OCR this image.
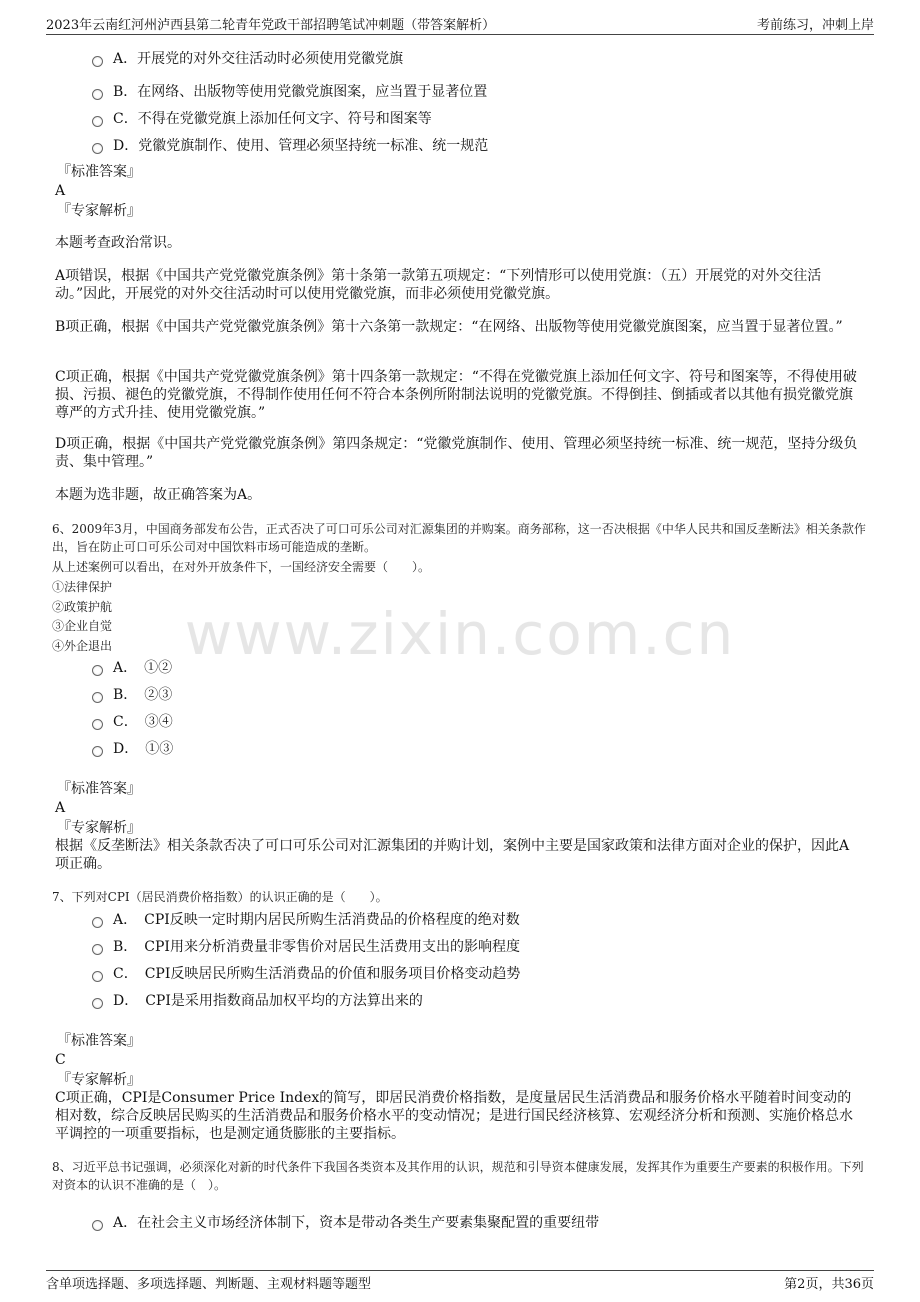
2023年云南红河州泸西县第二轮青年党政干部招聘笔试冲刺题（带答案解析）	考前练习，冲刺上岸
www.zixin.com.cn
A．开展党的对外交往活动时必须使用党徽党旗
B．在网络、出版物等使用党徽党旗图案，应当置于显著位置
C．不得在党徽党旗上添加任何文字、符号和图案等
D．党徽党旗制作、使用、管理必须坚持统一标准、统一规范
『标准答案』
A
『专家解析』
本题考查政治常识。
A项错误，根据《中国共产党党徽党旗条例》第十条第一款第五项规定：“下列情形可以使用党旗：（五）开展党的对外交往活动。”因此，开展党的对外交往活动时可以使用党徽党旗，而非必须使用党徽党旗。
B项正确，根据《中国共产党党徽党旗条例》第十六条第一款规定：“在网络、出版物等使用党徽党旗图案，应当置于显著位置。”
C项正确，根据《中国共产党党徽党旗条例》第十四条第一款规定：“不得在党徽党旗上添加任何文字、符号和图案等，不得使用破损、污损、褪色的党徽党旗，不得制作使用任何不符合本条例所附制法说明的党徽党旗。不得倒挂、倒插或者以其他有损党徽党旗尊严的方式升挂、使用党徽党旗。”
D项正确，根据《中国共产党党徽党旗条例》第四条规定：“党徽党旗制作、使用、管理必须坚持统一标准、统一规范，坚持分级负责、集中管理。”
本题为选非题，故正确答案为A。
6、2009年3月，中国商务部发布公告，正式否决了可口可乐公司对汇源集团的并购案。商务部称，这一否决根据《中华人民共和国反垄断法》相关条款作出，旨在防止可口可乐公司对中国饮料市场可能造成的垄断。
从上述案例可以看出，在对外开放条件下，一国经济安全需要（　　）。
①法律保护
②政策护航
③企业自觉
④外企退出
A．　①②
B．　②③
C．　③④
D．　①③
『标准答案』
A
『专家解析』
根据《反垄断法》相关条款否决了可口可乐公司对汇源集团的并购计划，案例中主要是国家政策和法律方面对企业的保护，因此A项正确。
7、下列对CPI（居民消费价格指数）的认识正确的是（　　）。
A．　CPI反映一定时期内居民所购生活消费品的价格程度的绝对数
B．　CPI用来分析消费量非零售价对居民生活费用支出的影响程度
C．　CPI反映居民所购生活消费品的价值和服务项目价格变动趋势
D．　CPI是采用指数商品加权平均的方法算出来的
『标准答案』
C
『专家解析』
C项正确，CPI是Consumer Price Index的简写，即居民消费价格指数，是度量居民生活消费品和服务价格水平随着时间变动的相对数，综合反映居民购买的生活消费品和服务价格水平的变动情况；是进行国民经济核算、宏观经济分析和预测、实施价格总水平调控的一项重要指标，也是测定通货膨胀的主要指标。
8、习近平总书记强调，必须深化对新的时代条件下我国各类资本及其作用的认识，规范和引导资本健康发展，发挥其作为重要生产要素的积极作用。下列对资本的认识不准确的是（　）。
A．在社会主义市场经济体制下，资本是带动各类生产要素集聚配置的重要纽带
含单项选择题、多项选择题、判断题、主观材料题等题型	第2页，共36页
